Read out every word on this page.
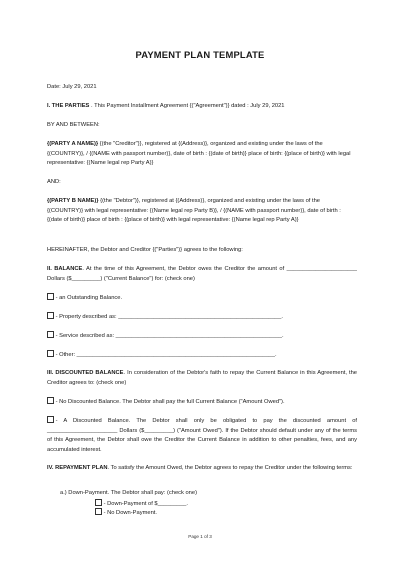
PAYMENT PLAN TEMPLATE
Date: July 29, 2021
I. THE PARTIES . This Payment Installment Agreement {("Agreement")} dated : July 29, 2021
BY AND BETWEEN:
{(PARTY A NAME)} {(the "Creditor")}, registered at {(Address)}, organized and existing under the laws of the {(COUNTRY)}, / {(NAME with passport number)}, date of birth : {(date of birth)} place of birth: {(place of birth)} with legal representative: {(Name legal rep Party A)}
AND:
{(PARTY B NAME)} {(the "Debtor")}, registered at {(Address)}, organized and existing under the laws of the {(COUNTRY)} with legal representative: {(Name legal rep Party B)}, / {(NAME with passport number)}, date of birth : {(date of birth)} place of birth : {(place of birth)} with legal representative: {(Name legal rep Party A)}
HEREINAFTER, the Debtor and Creditor {("Parties")} agrees to the following:
II. BALANCE. At the time of this Agreement, the Debtor owes the Creditor the amount of ______________________ Dollars ($_________) ("Current Balance") for: (check one)
- an Outstanding Balance.
- Property described as: ___________________________________________________.
- Service described as: ____________________________________________________.
- Other: ______________________________________________________________.
III. DISCOUNTED BALANCE. In consideration of the Debtor's faith to repay the Current Balance in this Agreement, the Creditor agrees to: (check one)
- No Discounted Balance. The Debtor shall pay the full Current Balance ("Amount Owed").
- A Discounted Balance. The Debtor shall only be obligated to pay the discounted amount of ______________________ Dollars ($_________) ("Amount Owed"). If the Debtor should default under any of the terms of this Agreement, the Debtor shall owe the Creditor the Current Balance in addition to other penalties, fees, and any accumulated interest.
IV. REPAYMENT PLAN. To satisfy the Amount Owed, the Debtor agrees to repay the Creditor under the following terms:
a.) Down-Payment. The Debtor shall pay: (check one)
- Down-Payment of $_________.
- No Down-Payment.
Page 1 of 3
